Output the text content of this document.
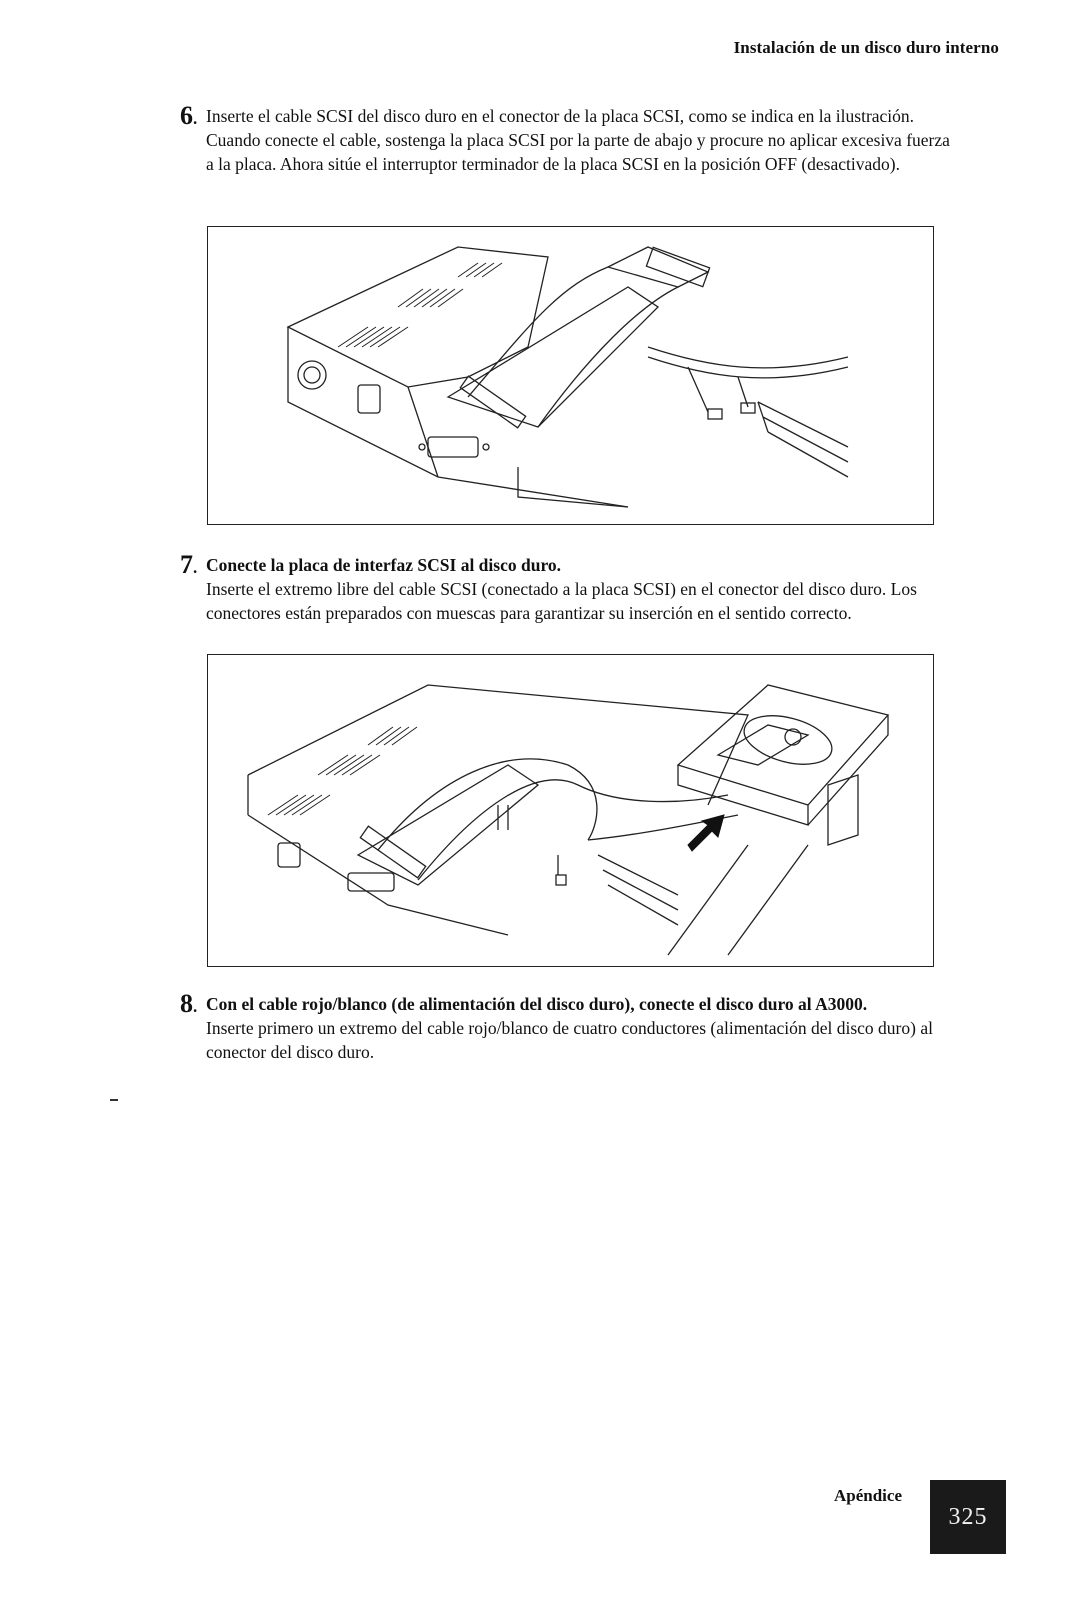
Instalación de un disco duro interno
6. Inserte el cable SCSI del disco duro en el conector de la placa SCSI, como se indica en la ilustración. Cuando conecte el cable, sostenga la placa SCSI por la parte de abajo y procure no aplicar excesiva fuerza a la placa. Ahora sitúe el interruptor terminador de la placa SCSI en la posición OFF (desactivado).
7. Conecte la placa de interfaz SCSI al disco duro.
Inserte el extremo libre del cable SCSI (conectado a la placa SCSI) en el conector del disco duro. Los conectores están preparados con muescas para garantizar su inserción en el sentido correcto.
8. Con el cable rojo/blanco (de alimentación del disco duro), conecte el disco duro al A3000.
Inserte primero un extremo del cable rojo/blanco de cuatro conductores (alimentación del disco duro) al conector del disco duro.
Apéndice
325
